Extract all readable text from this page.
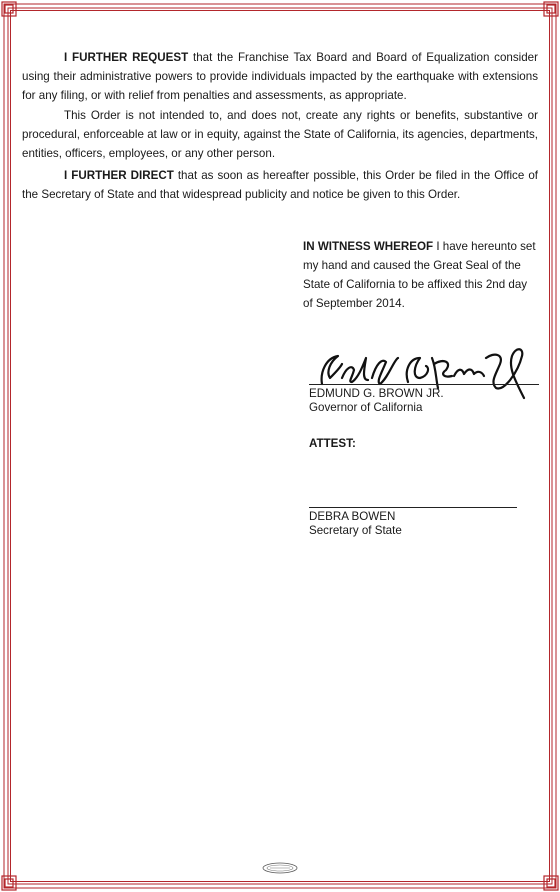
I FURTHER REQUEST that the Franchise Tax Board and Board of Equalization consider using their administrative powers to provide individuals impacted by the earthquake with extensions for any filing, or with relief from penalties and assessments, as appropriate.

This Order is not intended to, and does not, create any rights or benefits, substantive or procedural, enforceable at law or in equity, against the State of California, its agencies, departments, entities, officers, employees, or any other person.

I FURTHER DIRECT that as soon as hereafter possible, this Order be filed in the Office of the Secretary of State and that widespread publicity and notice be given to this Order.

IN WITNESS WHEREOF I have hereunto set my hand and caused the Great Seal of the State of California to be affixed this 2nd day of September 2014.

Edmund G. Brown
EDMUND G. BROWN JR.
Governor of California
ATTEST:
DEBRA BOWEN
Secretary of State
